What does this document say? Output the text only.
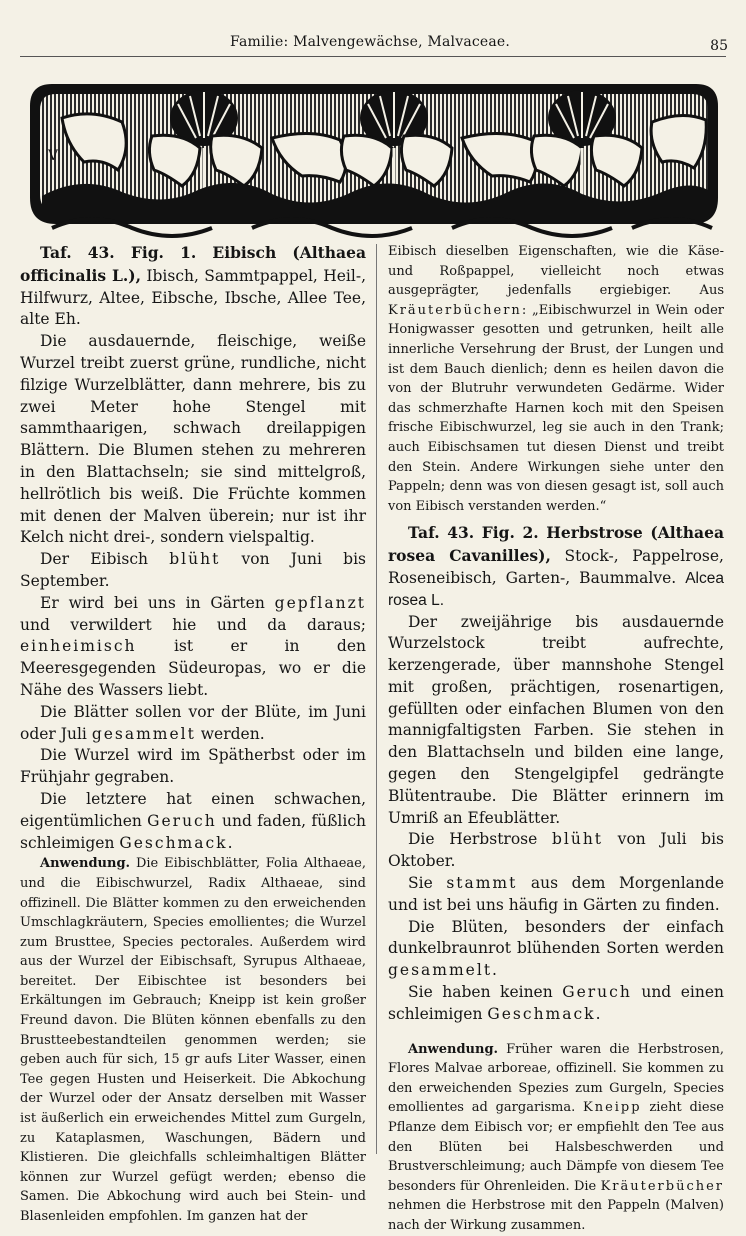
Familie: Malvengewächse, Malvaceae.	85
V

Taf. 43. Fig. 1. Eibisch (Althaea officinalis L.), Ibisch, Sammtpappel, Heil-, Hilfwurz, Altee, Eibsche, Ibsche, Allee Tee, alte Eh.

Die ausdauernde, fleischige, weiße Wurzel treibt zuerst grüne, rundliche, nicht filzige Wurzelblätter, dann mehrere, bis zu zwei Meter hohe Stengel mit sammthaarigen, schwach dreilappigen Blättern. Die Blumen stehen zu mehreren in den Blattachseln; sie sind mittelgroß, hellrötlich bis weiß. Die Früchte kommen mit denen der Malven überein; nur ist ihr Kelch nicht drei-, sondern vielspaltig.

Der Eibisch blüht von Juni bis September.

Er wird bei uns in Gärten gepflanzt und verwildert hie und da daraus; einheimisch ist er in den Meeresgegenden Südeuropas, wo er die Nähe des Wassers liebt.

Die Blätter sollen vor der Blüte, im Juni oder Juli gesammelt werden.

Die Wurzel wird im Spätherbst oder im Frühjahr gegraben.

Die letztere hat einen schwachen, eigentümlichen Geruch und faden, füßlich schleimigen Geschmack.

Anwendung. Die Eibischblätter, Folia Althaeae, und die Eibischwurzel, Radix Althaeae, sind offizinell. Die Blätter kommen zu den erweichenden Umschlagkräutern, Species emollientes; die Wurzel zum Brusttee, Species pectorales. Außerdem wird aus der Wurzel der Eibischsaft, Syrupus Althaeae, bereitet. Der Eibischtee ist besonders bei Erkältungen im Gebrauch; Kneipp ist kein großer Freund davon. Die Blüten können ebenfalls zu den Brustteebestandteilen genommen werden; sie geben auch für sich, 15 gr aufs Liter Wasser, einen Tee gegen Husten und Heiserkeit. Die Abkochung der Wurzel oder der Ansatz derselben mit Wasser ist äußerlich ein erweichendes Mittel zum Gurgeln, zu Kataplasmen, Waschungen, Bädern und Klistieren. Die gleichfalls schleimhaltigen Blätter können zur Wurzel gefügt werden; ebenso die Samen. Die Abkochung wird auch bei Stein- und Blasenleiden empfohlen. Im ganzen hat der

Eibisch dieselben Eigenschaften, wie die Käse- und Roßpappel, vielleicht noch etwas ausgeprägter, jedenfalls ergiebiger. Aus Kräuterbüchern: „Eibischwurzel in Wein oder Honigwasser gesotten und getrunken, heilt alle innerliche Versehrung der Brust, der Lungen und ist dem Bauch dienlich; denn es heilen davon die von der Blutruhr verwundeten Gedärme. Wider das schmerzhafte Harnen koch mit den Speisen frische Eibischwurzel, leg sie auch in den Trank; auch Eibischsamen tut diesen Dienst und treibt den Stein. Andere Wirkungen siehe unter den Pappeln; denn was von diesen gesagt ist, soll auch von Eibisch verstanden werden.“

Taf. 43. Fig. 2. Herbstrose (Althaea rosea Cavanilles), Stock-, Pappelrose, Roseneibisch, Garten-, Baummalve. Alcea rosea L.

Der zweijährige bis ausdauernde Wurzelstock treibt aufrechte, kerzengerade, über mannshohe Stengel mit großen, prächtigen, rosenartigen, gefüllten oder einfachen Blumen von den mannigfaltigsten Farben. Sie stehen in den Blattachseln und bilden eine lange, gegen den Stengelgipfel gedrängte Blütentraube. Die Blätter erinnern im Umriß an Efeublätter.

Die Herbstrose blüht von Juli bis Oktober.

Sie stammt aus dem Morgenlande und ist bei uns häufig in Gärten zu finden.

Die Blüten, besonders der einfach dunkelbraunrot blühenden Sorten werden gesammelt.

Sie haben keinen Geruch und einen schleimigen Geschmack.

Anwendung. Früher waren die Herbstrosen, Flores Malvae arboreae, offizinell. Sie kommen zu den erweichenden Spezies zum Gurgeln, Species emollientes ad gargarisma. Kneipp zieht diese Pflanze dem Eibisch vor; er empfiehlt den Tee aus den Blüten bei Halsbeschwerden und Brustverschleimung; auch Dämpfe von diesem Tee besonders für Ohrenleiden. Die Kräuterbücher nehmen die Herbstrose mit den Pappeln (Malven) nach der Wirkung zusammen.
